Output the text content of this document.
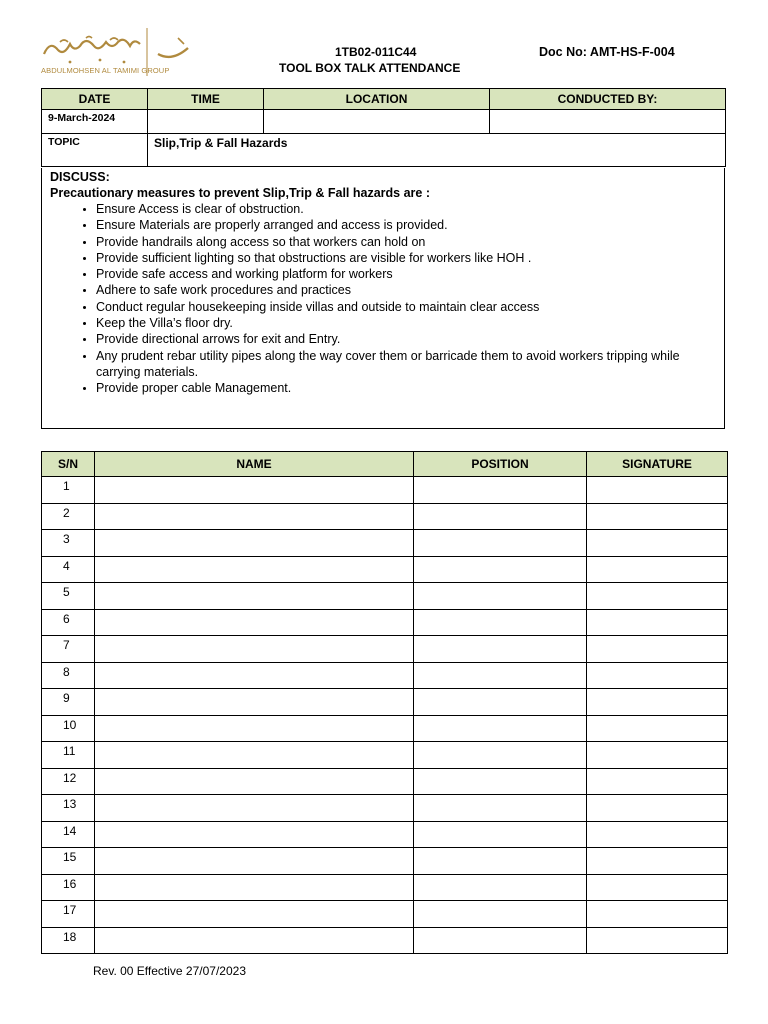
ABDULMOHSEN AL TAMIMI GROUP
1TB02-011C44
TOOL BOX TALK ATTENDANCE
Doc No: AMT-HS-F-004
DATE	TIME	LOCATION	CONDUCTED BY:
9-March-2024			
TOPIC	Slip,Trip & Fall Hazards		
DISCUSS:
Precautionary measures to prevent Slip,Trip & Fall hazards are :
• Ensure Access is clear of obstruction.
• Ensure Materials are properly arranged and access is provided.
• Provide handrails along access so that workers can hold on
• Provide sufficient lighting so that obstructions are visible for workers like HOH .
• Provide safe access and working platform for workers
• Adhere to safe work procedures and practices
• Conduct regular housekeeping inside villas and outside to maintain clear access
• Keep the Villa’s floor dry.
• Provide directional arrows for exit and Entry.
• Any prudent rebar utility pipes along the way cover them or barricade them to avoid workers tripping while carrying materials.
• Provide proper cable Management.
S/N	NAME	POSITION	SIGNATURE
1			
2			
3			
4			
5			
6			
7			
8			
9			
10			
11			
12			
13			
14			
15			
16			
17			
18			
Rev. 00 Effective 27/07/2023
